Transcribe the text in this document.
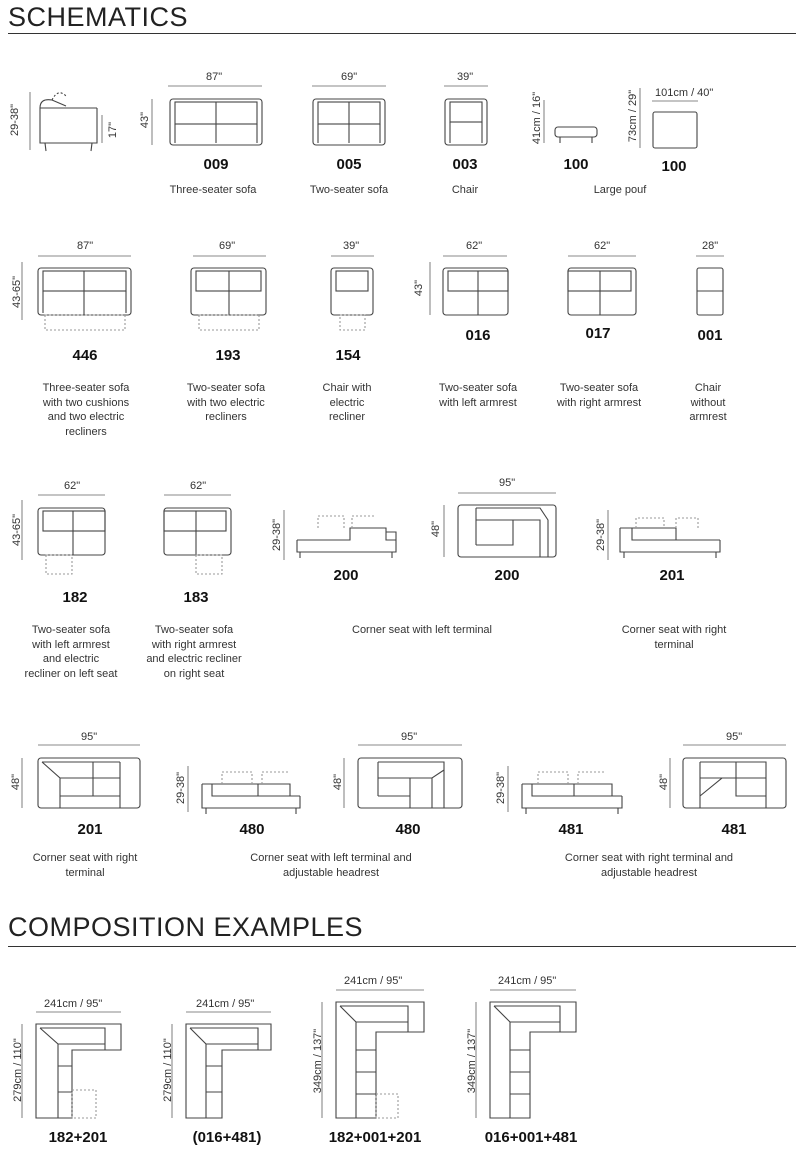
SCHEMATICS
COMPOSITION EXAMPLES
29-38"	17"
43"
87"	69"	39"
41cm / 16"	73cm / 29" 101cm / 40"
009	005	003	100	100
Three-seater sofa	Two-seater sofa	Chair	Large pouf
43-65"	43"
87"	69"	39"	62"	62"	28"
446	193	154
016	017	001
Three-seater sofa with two cushions and two electric recliners
Two-seater sofa with two electric recliners
Chair with electric recliner
Two-seater sofa with left armrest
Two-seater sofa with right armrest
Chair without armrest
43-65"
62"	62"
29-38"
95"
48"	29-38"
182	183
200	200	201
Two-seater sofa with left armrest and electric recliner on left seat
Two-seater sofa with right armrest and electric recliner on right seat
Corner seat with left terminal	Corner seat with right terminal
95"
48"	29-38"
95"
48"	29-38"
95"
48"
201	480	480	481	481
Corner seat with right terminal
Corner seat with left terminal and adjustable headrest
Corner seat with right terminal and adjustable headrest
241cm / 95"	241cm / 95"
241cm / 95"	241cm / 95"
279cm / 110"	279cm / 110"	349cm / 137"	349cm / 137"
182+201	(016+481)	182+001+201	016+001+481
